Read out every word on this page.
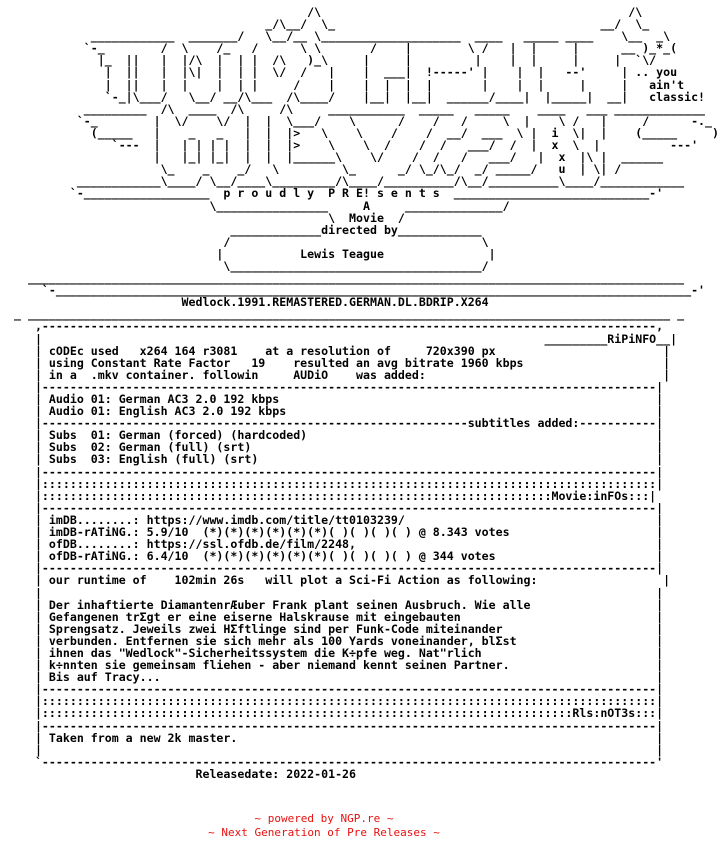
/\                                            /\
_/\__/  \_                                      __/  \_
____________  _______/   \__/__ \____________________  ____   _____ ____    \__  _\
`-_        /  \    /_   /      \ \       /    |        \ /   |  |     |      __ )_*_(
|_  ||   |  |/\  |  | |  /\   )_\     |     |         |    |  |     |     |  `\/
|  ||   |  |\|  |  | |  \/  /   |    |  ___|  !-----' |    |  |   --'     | .. you
|  ||   |  |    |  | |     /    |    |  |  |  |       |    |  |     |     |   ain't
`-_|\___/   \__/ __/\___  /\____/    |__|  |__|  ______/____|  |_____|  __|   classic!
_________  /\  ____  /\     /\     ___________  _____   _____    ____   ___ _____________
`-_        |  \/    \/  |  |  \___/    \      /    /   /     \  |    \ /   |     /      -._
(_____   |    _   _   |  |  |>   \    \    /    /  __/  ___  \ |  i  \|  |    (_____     )
`---  |   | | | |  |  |  |>    \    \  /    /  /   ___/  /  |  x  \  |          ---'
|   |_| |_|  |  |  |______\    \/    /  /   /   ___/   |  x  |\ |  ______
\_    _    _/   \         \_      _/ \_/\_/  _/ _____/   u  | \| /
____________\____/ \__/____\_________/\____/__________/\__/__________\____/____________
`-__________________  p r o u d l y  P R E! s e n t s  ____________________________-'
\________________     A     ______________/
\  Movie  /
_____________directed by____________
/                                    \
|           Lewis Teague               |
\____________________________________/
______________________________________________________________________________________________
`-___________________________________________________________________________________________-'
Wedlock.1991.REMASTERED.GERMAN.DL.BDRIP.X264
_ ____________________________________________________________________________________________ _
,----------------------------------------------------------------------------------------,
|                                                                        _________RiPiNFO__|
| cODEc used   x264 164 r3081    at a resolution of     720x390 px                        |
| using Constant Rate Factor   19    resulted an avg bitrate 1960 kbps                    |
| in a  .mkv container. followin     AUDiO    was added:                                  |
|----------------------------------------------------------------------------------------|
| Audio 01: German AC3 2.0 192 kbps                                                      |
| Audio 01: English AC3 2.0 192 kbps                                                     |
|-------------------------------------------------------------subtitles added:-----------|
| Subs  01: German (forced) (hardcoded)                                                  |
| Subs  02: German (full) (srt)                                                          |
| Subs  03: English (full) (srt)                                                         |
|----------------------------------------------------------------------------------------|
|::::::::::::::::::::::::::::::::::::::::::::::::::::::::::::::::::::::::::::::::::::::::|
|:::::::::::::::::::::::::::::::::::::::::::::::::::::::::::::::::::::::::Movie:inFOs:::|
|----------------------------------------------------------------------------------------|
| imDB........: https://www.imdb.com/title/tt0103239/                                    |
| imDB-rATiNG.: 5.9/10  (*)(*)(*)(*)(*)(*)( )( )( )( ) @ 8.343 votes                     |
| ofDB........: https://ssl.ofdb.de/film/2248,                                           |
| ofDB-rATiNG.: 6.4/10  (*)(*)(*)(*)(*)(*)( )( )( )( ) @ 344 votes                       |
|----------------------------------------------------------------------------------------|
| our runtime of    102min 26s   will plot a Sci-Fi Action as following:                  |
|                                                                                        |
| Der inhaftierte DiamantenrÆuber Frank plant seinen Ausbruch. Wie alle                  |
| Gefangenen trΣgt er eine eiserne Halskrause mit eingebauten                            |
| Sprengsatz. Jeweils zwei HΣftlinge sind per Funk-Code miteinander                      |
| verbunden. Entfernen sie sich mehr als 100 Yards voneinander, blΣst                    |
| ihnen das "Wedlock"-Sicherheitssystem die K÷pfe weg. Nat"rlich                         |
| k÷nnten sie gemeinsam fliehen - aber niemand kennt seinen Partner.                     |
| Bis auf Tracy...                                                                       |
|----------------------------------------------------------------------------------------|
|::::::::::::::::::::::::::::::::::::::::::::::::::::::::::::::::::::::::::::::::::::::::|
|::::::::::::::::::::::::::::::::::::::::::::::::::::::::::::::::::::::::::::Rls:nOT3s:::|
|----------------------------------------------------------------------------------------|
| Taken from a new 2k master.                                                            |
|                                                                                        |
`----------------------------------------------------------------------------------------'
Releasedate: 2022-01-26

~ powered by NGP.re ~
~ Next Generation of Pre Releases ~
